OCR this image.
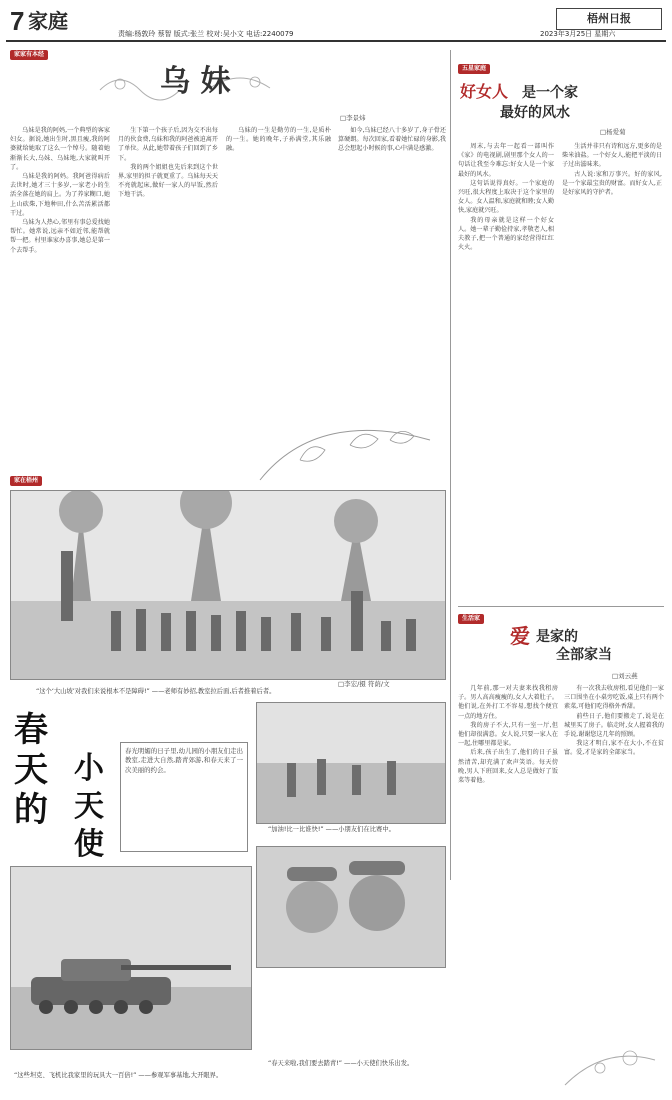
7 家庭
责编:杨敦玲 蔡智 版式:张兰 校对:吴小文 电话:2240079
梧州日报
2023年3月25日 星期六
家家有本经
乌 妹
□李景炜

乌妹是我的阿妈,一个典型的客家妇女。据说,她出生时,黑且瘦,我的阿婆就给她取了这么一个绰号。随着她渐渐长大,乌妹、乌妹地,大家就叫开了。

乌妹是我的阿妈。我阿爸得病后去世时,她才三十多岁,一家老小的生活全落在她的肩上。为了养家糊口,她上山砍柴,下地种田,什么苦活累活都干过。

乌妹为人热心,邻里有事总爱找她帮忙。她常说,远亲不如近邻,能帮就帮一把。村里谁家办喜事,她总是第一个去帮手。

生下第一个孩子后,因为交不出每月的伙食费,乌妹和我的阿爸被迫离开了单位。从此,她带着孩子们回到了乡下。

我的两个姐姐也先后来到这个世界,家里的担子就更重了。乌妹每天天不亮就起床,做好一家人的早饭,然后下地干活。

乌妹的一生是勤劳的一生,是质朴的一生。她的晚年,子孙满堂,其乐融融。

如今,乌妹已经八十多岁了,身子骨还算硬朗。每次回家,看着她忙碌的身影,我总会想起小时候的事,心中满是感激。

五星家庭
好女人 是一个家
最好的风水
□杨爱菊

周末,与去年一起看一部叫作《家》的电视剧,剧里那个女人的一句话让我至今难忘:好女人是一个家最好的风水。

这句话说得真好。一个家庭的兴旺,很大程度上取决于这个家里的女人。女人温和,家庭就和睦;女人勤快,家庭就兴旺。

我的母亲就是这样一个好女人。她一辈子勤俭持家,孝敬老人,相夫教子,把一个普通的家经营得红红火火。

生活并非只有诗和远方,更多的是柴米油盐。一个好女人,能把平淡的日子过出滋味来。

古人说:家和万事兴。好的家风,是一个家最宝贵的财富。而好女人,正是好家风的守护者。

生活家
爱 是家的
全部家当
□刘云燕

几年前,那一对夫妻来找我租房子。男人高高瘦瘦的,女人大着肚子。他们说,在外打工不容易,想找个便宜一点的地方住。

我的房子不大,只有一室一厅,但他们却很满意。女人说,只要一家人在一起,住哪里都是家。

后来,孩子出生了,他们的日子虽然清苦,却充满了欢声笑语。每天傍晚,男人下班回来,女人总是做好了饭菜等着他。

有一次我去收房租,看见他们一家三口围坐在小桌旁吃饭,桌上只有两个素菜,可他们吃得格外香甜。

前些日子,他们要搬走了,说是在城里买了房子。临走时,女人握着我的手说,谢谢您这几年的照顾。

我这才明白,家不在大小,不在贫富。爱,才是家的全部家当。

家在梧州

□李宏/摄 符荫/文
“这个‘大山坡’对我们来说根本不是障碍!” ——老师有妙招,教室拉后面,后者推着后者。
春天的
小天使
春光明媚的日子里,幼儿园的小朋友们走出教室,走进大自然,踏青郊游,和春天来了一次美丽的约会。
“加油!比一比谁快!” ——小朋友们在比赛中。
“春天来啦,我们要去踏青!” ——小天使们快乐出发。
“这些坦克、飞机比我家里的玩具大一百倍!” ——参观军事基地,大开眼界。
